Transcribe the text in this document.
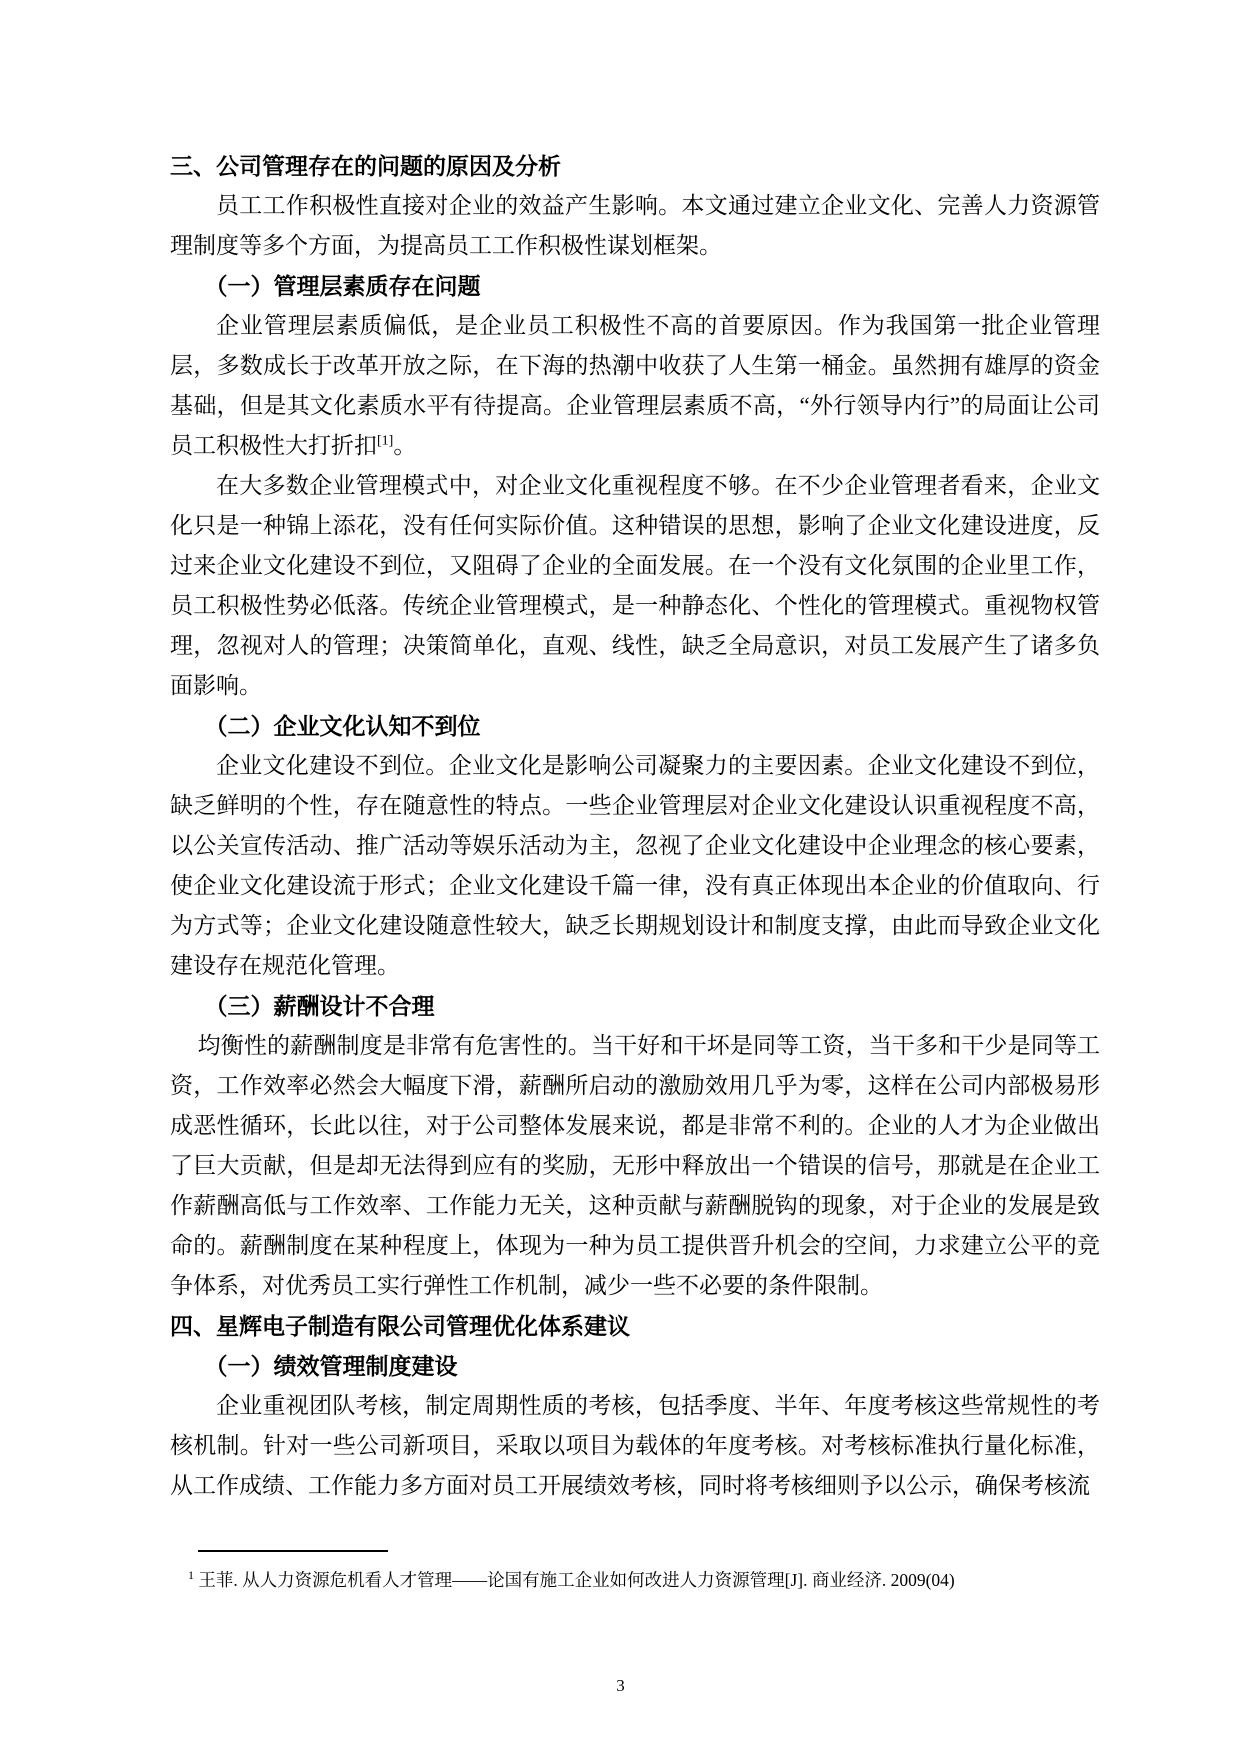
三、公司管理存在的问题的原因及分析

员工工作积极性直接对企业的效益产生影响。本文通过建立企业文化、完善人力资源管理制度等多个方面，为提高员工工作积极性谋划框架。

（一）管理层素质存在问题

企业管理层素质偏低，是企业员工积极性不高的首要原因。作为我国第一批企业管理层，多数成长于改革开放之际，在下海的热潮中收获了人生第一桶金。虽然拥有雄厚的资金基础，但是其文化素质水平有待提高。企业管理层素质不高，“外行领导内行”的局面让公司员工积极性大打折扣[1]。

在大多数企业管理模式中，对企业文化重视程度不够。在不少企业管理者看来，企业文化只是一种锦上添花，没有任何实际价值。这种错误的思想，影响了企业文化建设进度，反过来企业文化建设不到位，又阻碍了企业的全面发展。在一个没有文化氛围的企业里工作，员工积极性势必低落。传统企业管理模式，是一种静态化、个性化的管理模式。重视物权管理，忽视对人的管理；决策简单化，直观、线性，缺乏全局意识，对员工发展产生了诸多负面影响。

（二）企业文化认知不到位

企业文化建设不到位。企业文化是影响公司凝聚力的主要因素。企业文化建设不到位，缺乏鲜明的个性，存在随意性的特点。一些企业管理层对企业文化建设认识重视程度不高，以公关宣传活动、推广活动等娱乐活动为主，忽视了企业文化建设中企业理念的核心要素，使企业文化建设流于形式；企业文化建设千篇一律，没有真正体现出本企业的价值取向、行为方式等；企业文化建设随意性较大，缺乏长期规划设计和制度支撑，由此而导致企业文化建设存在规范化管理。

（三）薪酬设计不合理

均衡性的薪酬制度是非常有危害性的。当干好和干坏是同等工资，当干多和干少是同等工资，工作效率必然会大幅度下滑，薪酬所启动的激励效用几乎为零，这样在公司内部极易形成恶性循环，长此以往，对于公司整体发展来说，都是非常不利的。企业的人才为企业做出了巨大贡献，但是却无法得到应有的奖励，无形中释放出一个错误的信号，那就是在企业工作薪酬高低与工作效率、工作能力无关，这种贡献与薪酬脱钩的现象，对于企业的发展是致命的。薪酬制度在某种程度上，体现为一种为员工提供晋升机会的空间，力求建立公平的竞争体系，对优秀员工实行弹性工作机制，减少一些不必要的条件限制。

四、星辉电子制造有限公司管理优化体系建议
（一）绩效管理制度建设

企业重视团队考核，制定周期性质的考核，包括季度、半年、年度考核这些常规性的考核机制。针对一些公司新项目，采取以项目为载体的年度考核。对考核标准执行量化标准，从工作成绩、工作能力多方面对员工开展绩效考核，同时将考核细则予以公示，确保考核流

$^1$ 王菲. 从人力资源危机看人才管理——论国有施工企业如何改进人力资源管理[J]. 商业经济. 2009(04)

3
